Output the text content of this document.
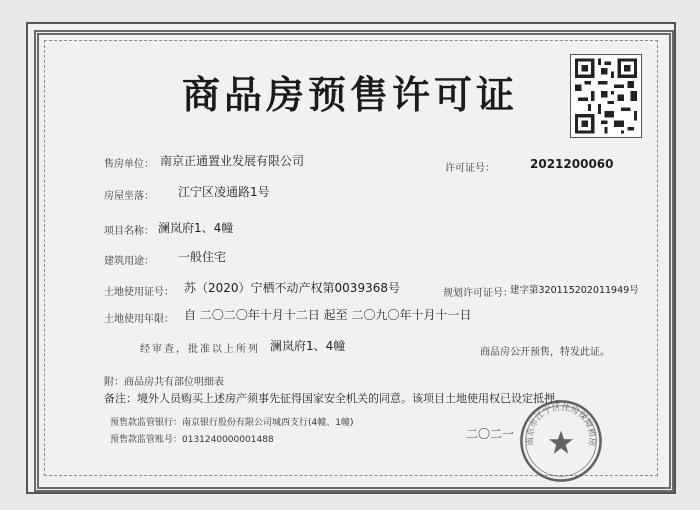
商品房预售许可证
售房单位： 南京正通置业发展有限公司
许可证号：	2021200060
房屋坐落： 江宁区凌通路1号
项目名称： 澜岚府1、4幢
建筑用途： 一般住宅
土地使用证号： 苏（2020）宁栖不动产权第0039368号	规划许可证号：
建字第320115202011949号
土地使用年限： 自 二〇二〇年十月十二日 起至 二〇九〇年十月十一日
经审查，批准以上所列 澜岚府1、4幢	商品房公开预售，特发此证。
附：商品房共有部位明细表
备注：境外人员购买上述房产须事先征得国家安全机关的同意。该项目土地使用权已设定抵押。
预售款监管银行：南京银行股份有限公司城西支行(4幢、1幢)
预售款监管账号：0131240000001488	二〇二一
南京市江宁区住房保障和房
